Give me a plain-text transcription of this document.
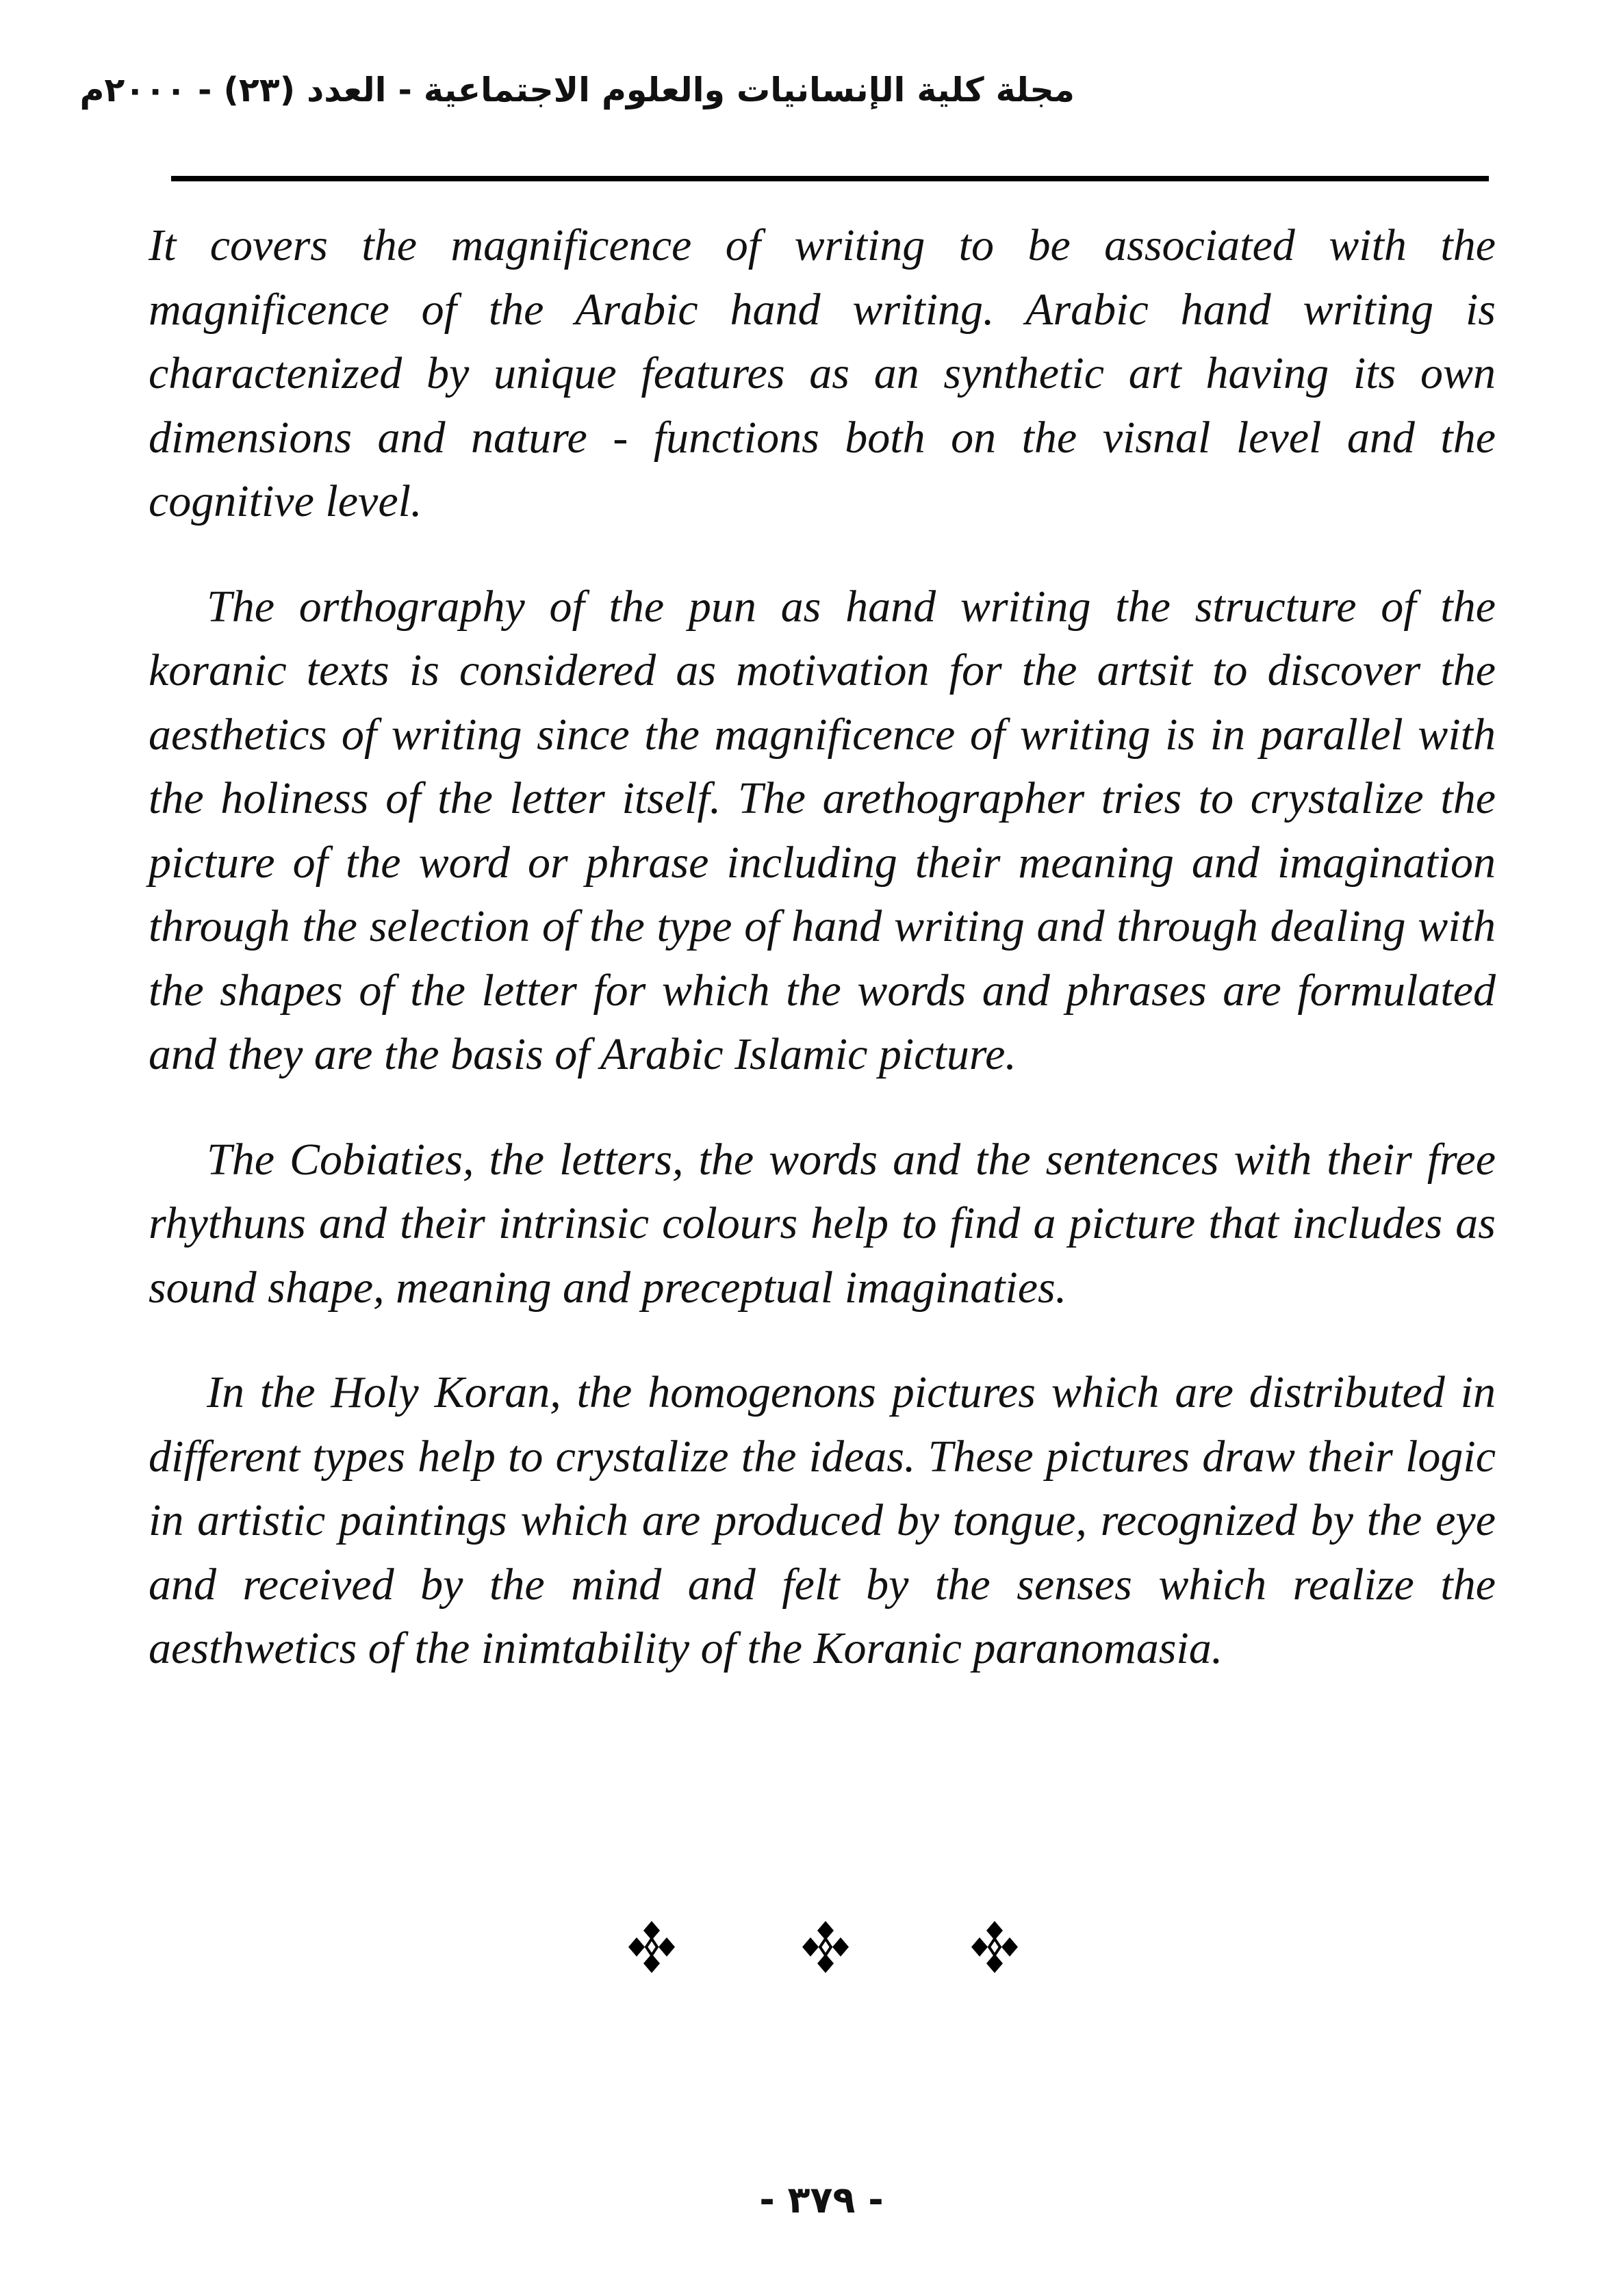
مجلة كلية الإنسانيات والعلوم الاجتماعية - العدد (٢٣) - ٢٠٠٠م

It covers the magnificence of writing to be associated with the magnificence of the Arabic hand writing. Arabic hand writing is charactenized by unique features as an synthetic art having its own dimensions and nature - functions both on the visnal level and the cognitive level.

The orthography of the pun as hand writing the structure of the koranic texts is considered as motivation for the artsit to discover the aesthetics of writing since the magnificence of writing is in parallel with the holiness of the letter itself. The arethographer tries to crystalize the picture of the word or phrase including their meaning and imagination through the selection of the type of hand writing and through dealing with the shapes of the letter for which the words and phrases are formulated and they are the basis of Arabic Islamic picture.

The Cobiaties, the letters, the words and the sentences with their free rhythuns and their intrinsic colours help to find a picture that includes as sound shape, meaning and preceptual imaginaties.

In the Holy Koran, the homogenons pictures which are distributed in different types help to crystalize the ideas. These pictures draw their logic in artistic paintings which are produced by tongue, recognized by the eye and received by the mind and felt by the senses which realize the aesthwetics of the inimtability of the Koranic paranomasia.

- ٣٧٩ -
